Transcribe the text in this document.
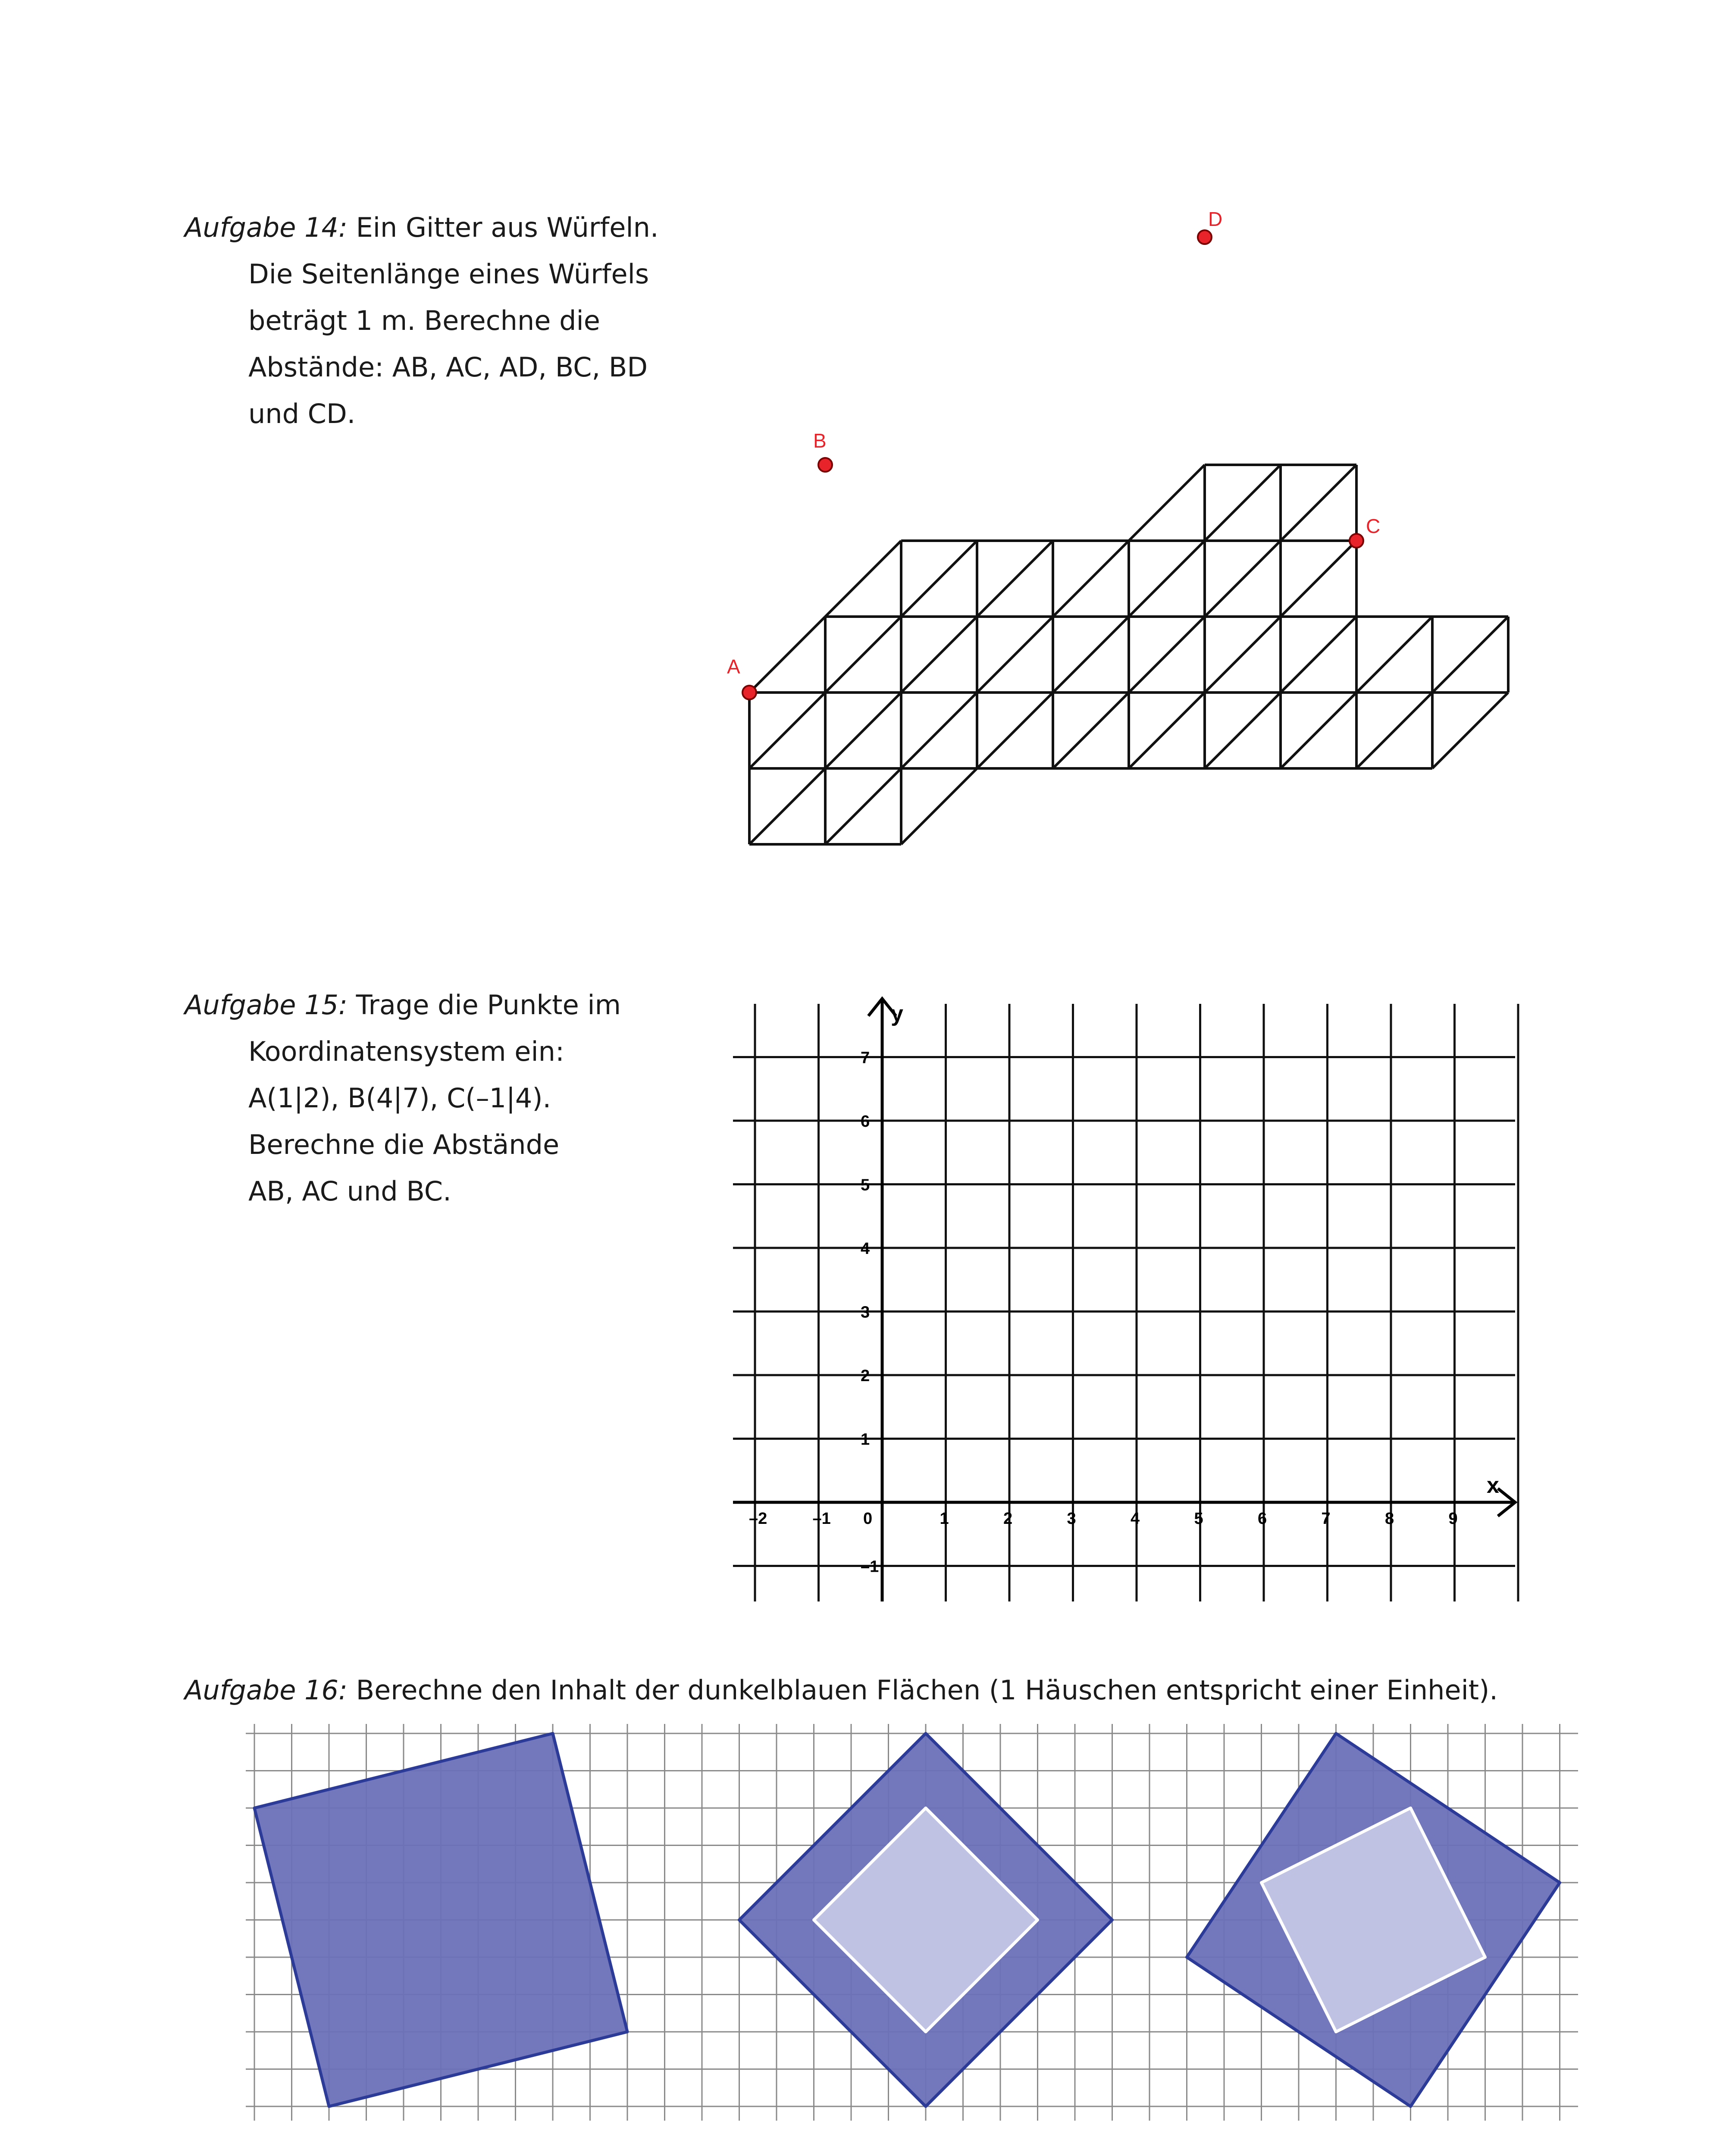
Aufgabe 14: Ein Gitter aus Würfeln.
Die Seitenlänge eines Würfels
beträgt 1 m. Berechne die
Abstände: AB, AC, AD, BC, BD
und CD.
A
B
C
D
Aufgabe 15: Trage die Punkte im
Koordinatensystem ein:
A(1|2), B(4|7), C(–1|4).
Berechne die Abstände
AB, AC und BC.
–2	–1 0	1	2	3	4	5	6	7	8	9
–1
1
2
3
4
5
6
7
x
y
Aufgabe 16: Berechne den Inhalt der dunkelblauen Flächen (1 Häuschen entspricht einer Einheit).
